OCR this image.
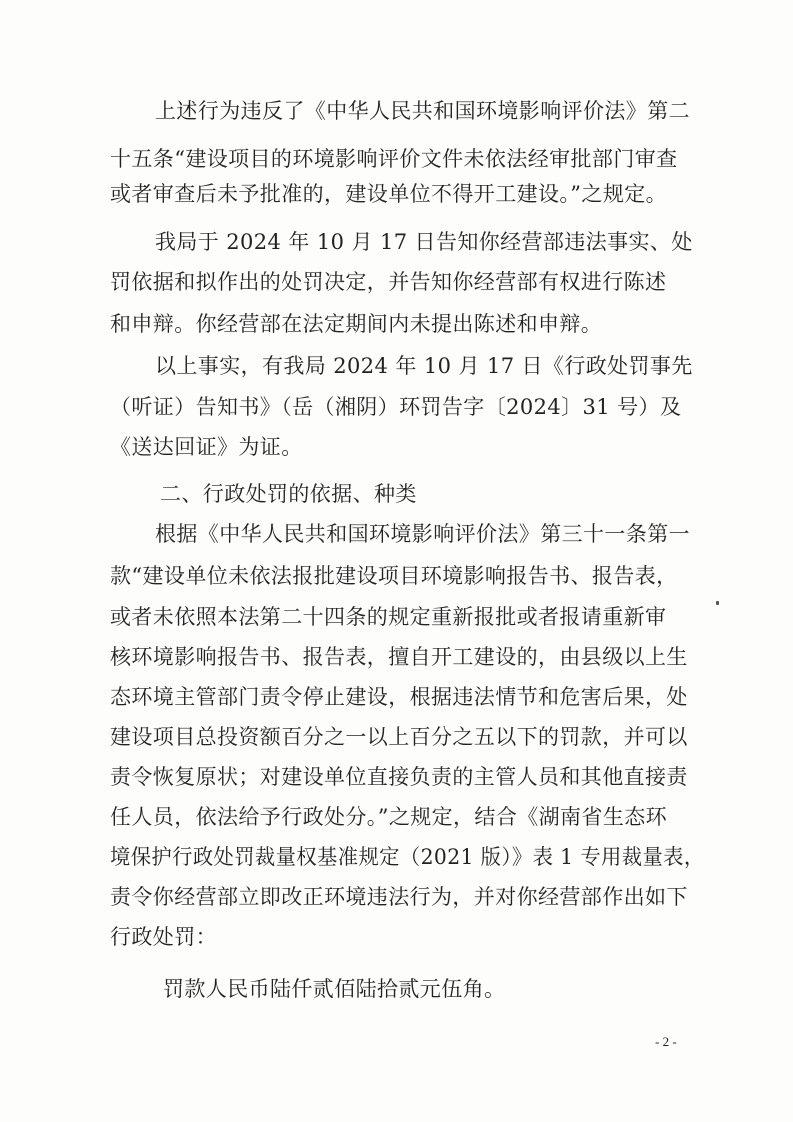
上述行为违反了《中华人民共和国环境影响评价法》第二
十五条“建设项目的环境影响评价文件未依法经审批部门审查
或者审查后未予批准的，建设单位不得开工建设。”之规定。
我局于 2024 年 10 月 17 日告知你经营部违法事实、处
罚依据和拟作出的处罚决定，并告知你经营部有权进行陈述
和申辩。你经营部在法定期间内未提出陈述和申辩。
以上事实，有我局 2024 年 10 月 17 日《行政处罚事先
（听证）告知书》（岳（湘阴）环罚告字〔2024〕31 号）及
《送达回证》为证。
二、行政处罚的依据、种类
根据《中华人民共和国环境影响评价法》第三十一条第一
款“建设单位未依法报批建设项目环境影响报告书、报告表，
或者未依照本法第二十四条的规定重新报批或者报请重新审
核环境影响报告书、报告表，擅自开工建设的，由县级以上生
态环境主管部门责令停止建设，根据违法情节和危害后果，处
建设项目总投资额百分之一以上百分之五以下的罚款，并可以
责令恢复原状；对建设单位直接负责的主管人员和其他直接责
任人员，依法给予行政处分。”之规定，结合《湖南省生态环
境保护行政处罚裁量权基准规定（2021 版）》表 1 专用裁量表，
责令你经营部立即改正环境违法行为，并对你经营部作出如下
行政处罚：
罚款人民币陆仟贰佰陆拾贰元伍角。
- 2 -
